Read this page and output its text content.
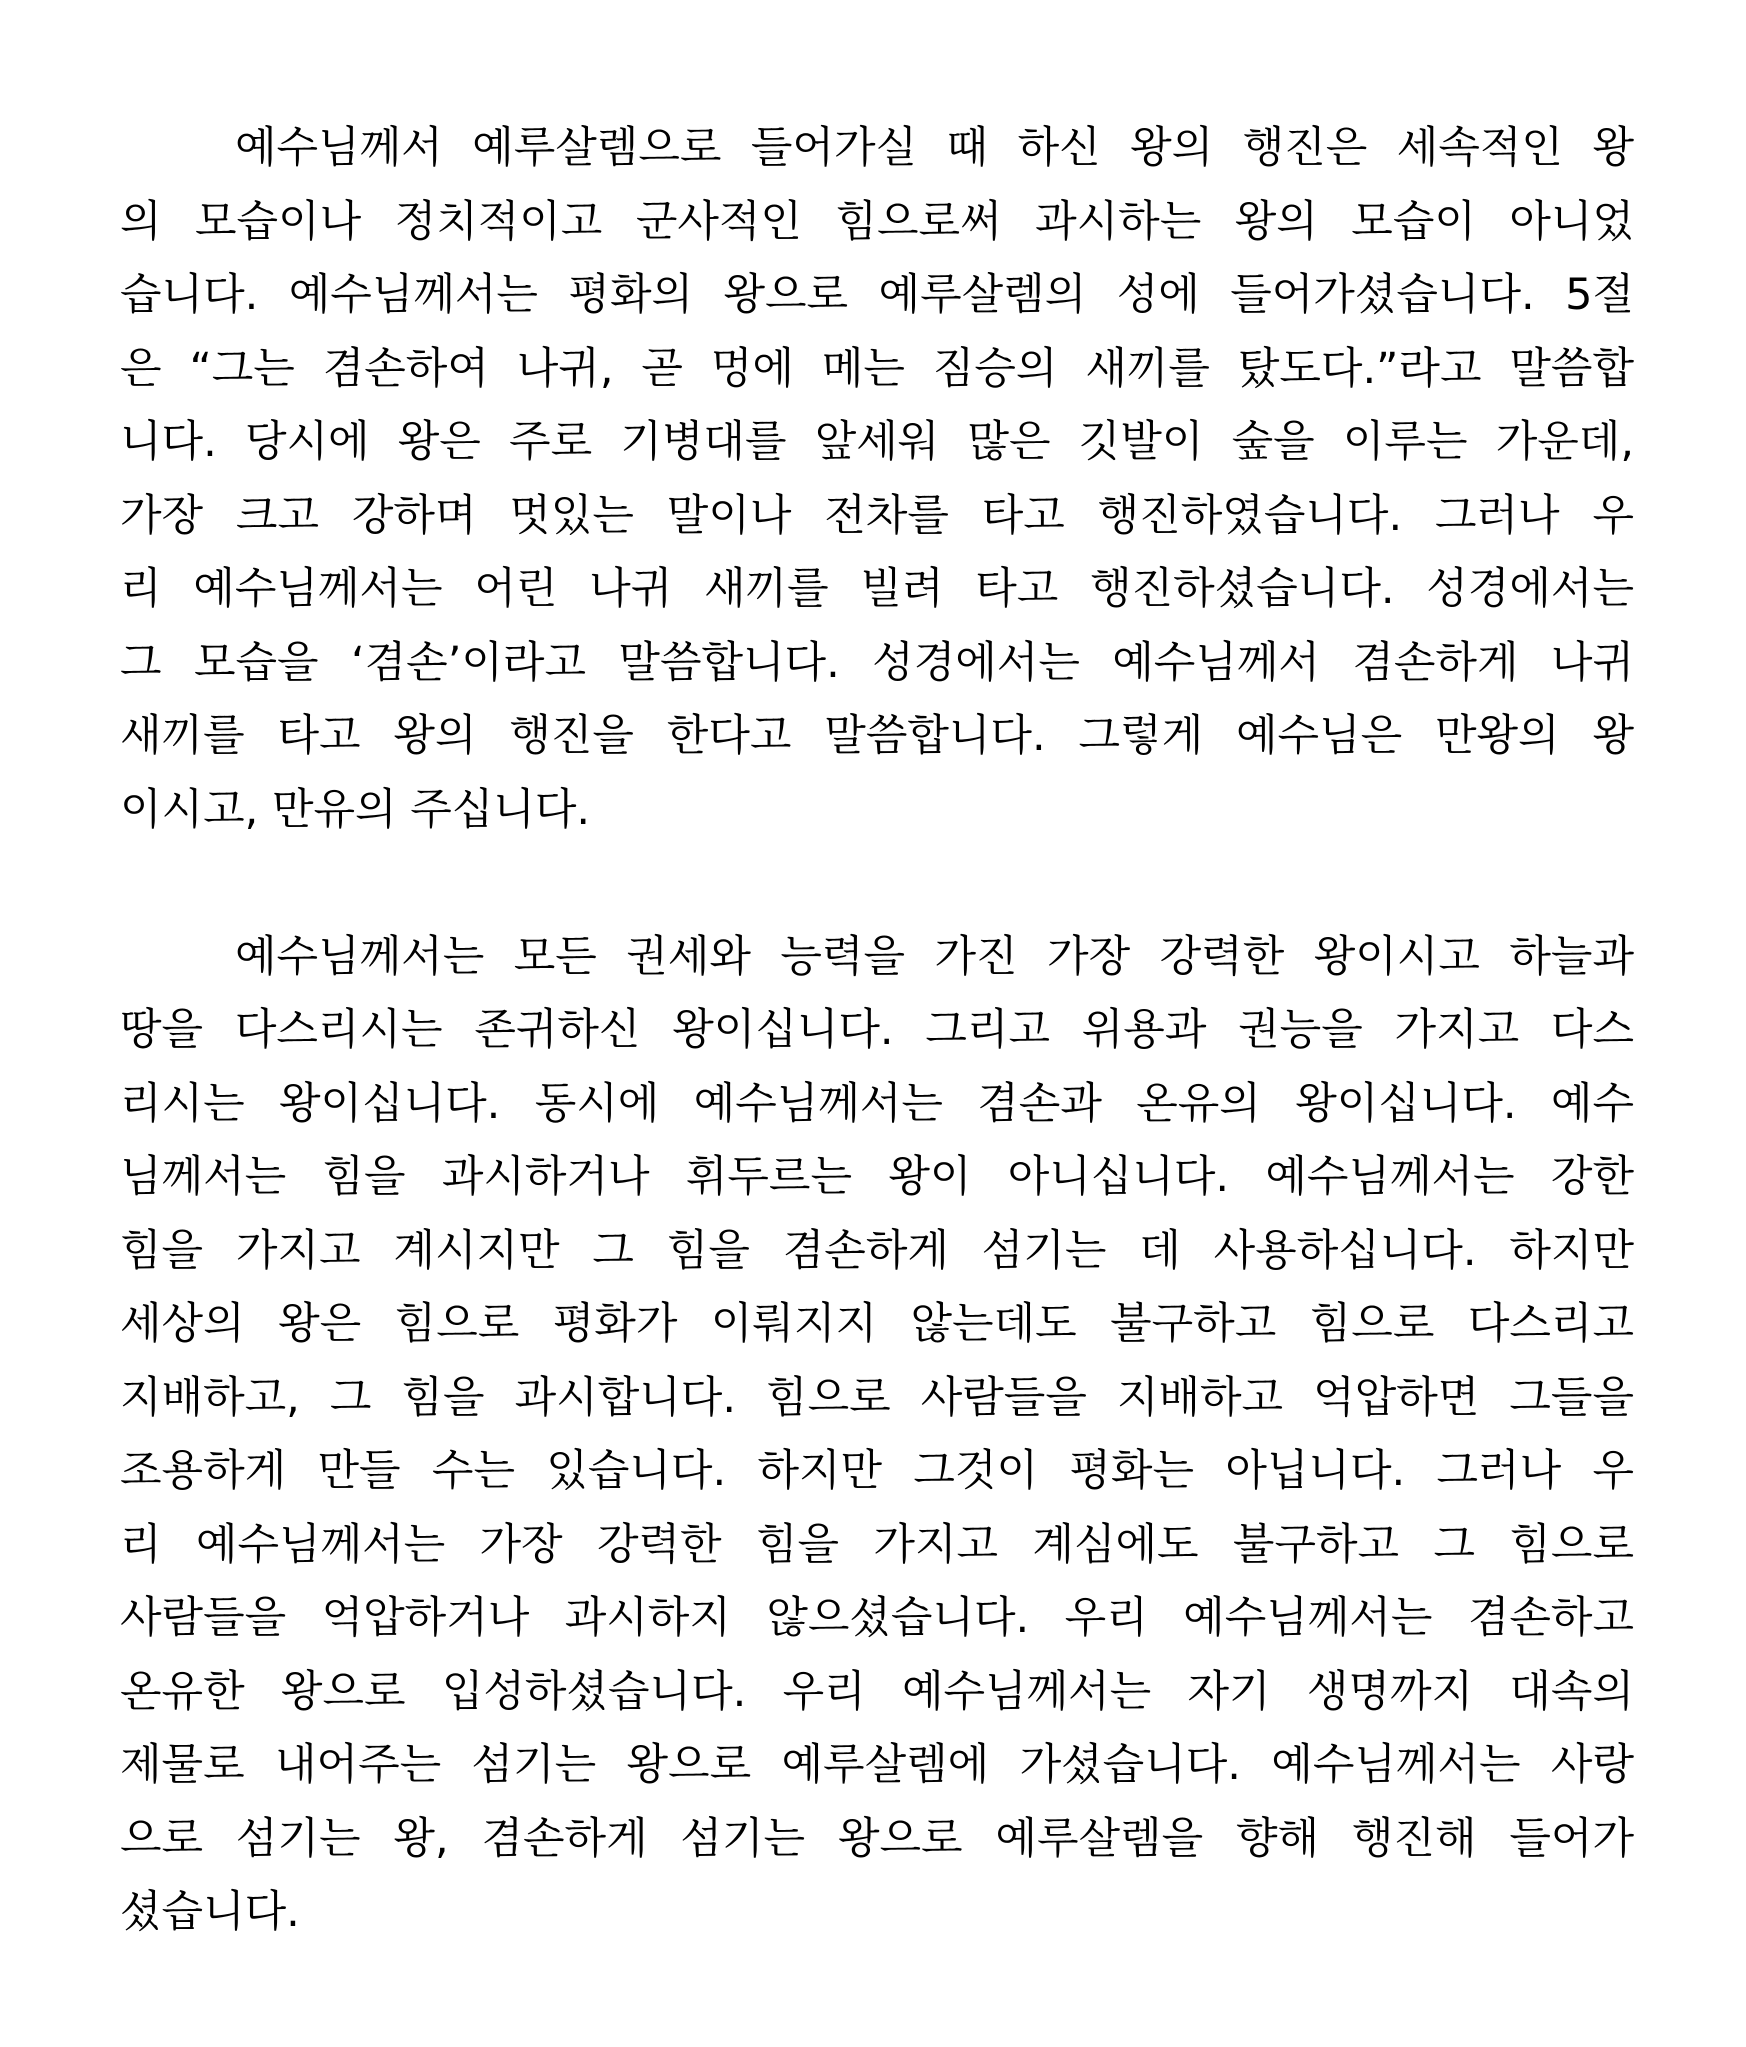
예수님께서 예루살렘으로 들어가실 때 하신 왕의 행진은 세속적인 왕
의 모습이나 정치적이고 군사적인 힘으로써 과시하는 왕의 모습이 아니었
습니다. 예수님께서는 평화의 왕으로 예루살렘의 성에 들어가셨습니다. 5절
은 “그는 겸손하여 나귀, 곧 멍에 메는 짐승의 새끼를 탔도다.”라고 말씀합
니다. 당시에 왕은 주로 기병대를 앞세워 많은 깃발이 숲을 이루는 가운데,
가장 크고 강하며 멋있는 말이나 전차를 타고 행진하였습니다. 그러나 우
리 예수님께서는 어린 나귀 새끼를 빌려 타고 행진하셨습니다. 성경에서는
그 모습을 ‘겸손’이라고 말씀합니다. 성경에서는 예수님께서 겸손하게 나귀
새끼를 타고 왕의 행진을 한다고 말씀합니다. 그렇게 예수님은 만왕의 왕
이시고, 만유의 주십니다.
예수님께서는 모든 권세와 능력을 가진 가장 강력한 왕이시고 하늘과
땅을 다스리시는 존귀하신 왕이십니다. 그리고 위용과 권능을 가지고 다스
리시는 왕이십니다. 동시에 예수님께서는 겸손과 온유의 왕이십니다. 예수
님께서는 힘을 과시하거나 휘두르는 왕이 아니십니다. 예수님께서는 강한
힘을 가지고 계시지만 그 힘을 겸손하게 섬기는 데 사용하십니다. 하지만
세상의 왕은 힘으로 평화가 이뤄지지 않는데도 불구하고 힘으로 다스리고
지배하고, 그 힘을 과시합니다. 힘으로 사람들을 지배하고 억압하면 그들을
조용하게 만들 수는 있습니다. 하지만 그것이 평화는 아닙니다. 그러나 우
리 예수님께서는 가장 강력한 힘을 가지고 계심에도 불구하고 그 힘으로
사람들을 억압하거나 과시하지 않으셨습니다. 우리 예수님께서는 겸손하고
온유한 왕으로 입성하셨습니다. 우리 예수님께서는 자기 생명까지 대속의
제물로 내어주는 섬기는 왕으로 예루살렘에 가셨습니다. 예수님께서는 사랑
으로 섬기는 왕, 겸손하게 섬기는 왕으로 예루살렘을 향해 행진해 들어가
셨습니다.
